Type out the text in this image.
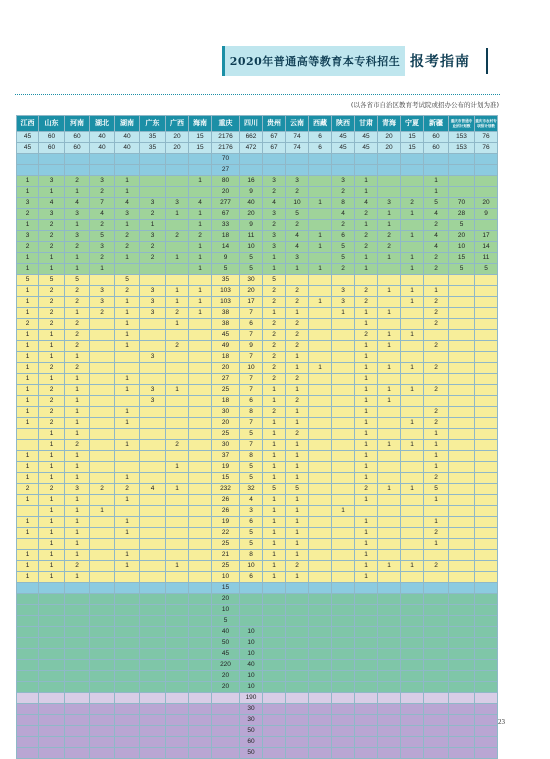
2020年普通高等教育本专科招生 报考指南
(以各省市自治区教育考试院或招办公布的计划为准)
江西	山东	河南	湖北	湖南	广东	广西	海南	重庆	四川	贵州	云南	西藏	陕西	甘肃	青海	宁夏	新疆	重庆市普通专业招计划数	重庆市农村专项招计划数
45	60	60	40	40	35	20	15	2176	662	67	74	6	45	45	20	15	60	153	76
45	60	60	40	40	35	20	15	2176	472	67	74	6	45	45	20	15	60	153	76
								70											
								27											
1	3	2	3	1			1	80	16	3	3		3	1			1		
1	1	1	2	1				20	9	2	2		2	1			1		
3	4	4	7	4	3	3	4	277	40	4	10	1	8	4	3	2	5	70	20
2	3	3	4	3	2	1	1	67	20	3	5		4	2	1	1	4	28	9
1	2	1	2	1	1		1	33	9	2	2		2	1	1		2	5	
3	2	3	5	2	3	2	2	18	11	3	4	1	6	2	2	1	4	20	17
2	2	2	3	2	2		1	14	10	3	4	1	5	2	2		4	10	14
1	1	1	2	1	2	1	1	9	5	1	3		5	1	1	1	2	15	11
1	1	1	1				1	5	5	1	1	1	2	1		1	2	5	5
5	5	5		5				35	30	5									
1	2	2	3	2	3	1	1	103	20	2	2		3	2	1	1	1		
1	2	2	3	1	3	1	1	103	17	2	2	1	3	2		1	2		
1	2	1	2	1	3	2	1	38	7	1	1		1	1	1		2		
2	2	2		1		1		38	6	2	2			1			2		
1	1	2		1				45	7	2	2			2	1	1			
1	1	2		1		2		49	9	2	2			1	1		2		
1	1	1			3			18	7	2	1			1					
1	2	2						20	10	2	1	1		1	1	1	2		
1	1	1		1				27	7	2	2			1					
1	2	1		1	3	1		25	7	1	1			1	1	1	2		
1	2	1			3			18	6	1	2			1	1				
1	2	1		1				30	8	2	1			1			2		
1	2	1		1				20	7	1	1			1		1	2		
	1	1						25	5	1	2			1			1		
	1	2		1		2		30	7	1	1			1	1	1	1		
1	1	1						37	8	1	1			1			1		
1	1	1				1		19	5	1	1			1			1		
1	1	1		1				15	5	1	1			1			2		
2	2	3	2	2	4	1		232	32	5	5			2	1	1	5		
1	1	1		1				26	4	1	1			1			1		
	1	1	1					26	3	1	1		1						
1	1	1		1				19	6	1	1			1			1		
1	1	1		1				22	5	1	1			1			2		
	1	1						25	5	1	1			1			1		
1	1	1		1				21	8	1	1			1					
1	1	2		1		1		25	10	1	2			1	1	1	2		
1	1	1						10	6	1	1			1					
								15											
								20											
								10											
								5											
								40	10										
								50	10										
								45	10										
								220	40										
								20	10										
								20	10										
									190										
									30										
									30										
									50										
									60										
									50										
23
